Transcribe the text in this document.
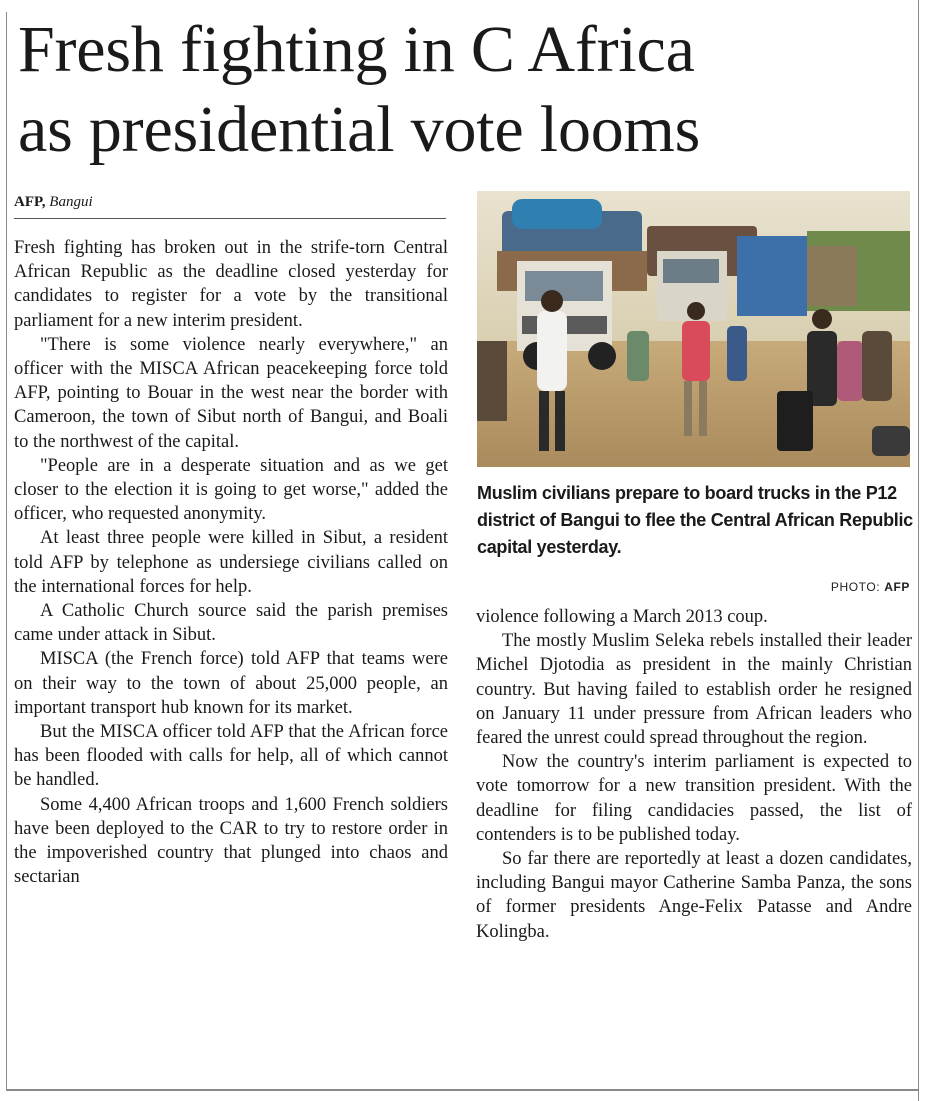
Fresh fighting in C Africa
as presidential vote looms
AFP, Bangui

Fresh fighting has broken out in the strife-torn Central African Republic as the deadline closed yesterday for candidates to register for a vote by the transitional parliament for a new interim president.

"There is some violence nearly everywhere," an officer with the MISCA African peacekeeping force told AFP, pointing to Bouar in the west near the border with Cameroon, the town of Sibut north of Bangui, and Boali to the northwest of the capital.

"People are in a desperate situation and as we get closer to the election it is going to get worse," added the officer, who requested anonymity.

At least three people were killed in Sibut, a resident told AFP by telephone as undersiege civilians called on the international forces for help.

A Catholic Church source said the parish premises came under attack in Sibut.

MISCA (the French force) told AFP that teams were on their way to the town of about 25,000 people, an important transport hub known for its market.

But the MISCA officer told AFP that the African force has been flooded with calls for help, all of which cannot be handled.

Some 4,400 African troops and 1,600 French soldiers have been deployed to the CAR to try to restore order in the impoverished country that plunged into chaos and sectarian

Muslim civilians prepare to board trucks in the P12 district of Bangui to flee the Central African Republic capital yesterday.
PHOTO: AFP

violence following a March 2013 coup.

The mostly Muslim Seleka rebels installed their leader Michel Djotodia as president in the mainly Christian country. But having failed to establish order he resigned on January 11 under pressure from African leaders who feared the unrest could spread throughout the region.

Now the country's interim parliament is expected to vote tomorrow for a new transition president. With the deadline for filing candidacies passed, the list of contenders is to be published today.

So far there are reportedly at least a dozen candidates, including Bangui mayor Catherine Samba Panza, the sons of former presidents Ange-Felix Patasse and Andre Kolingba.
